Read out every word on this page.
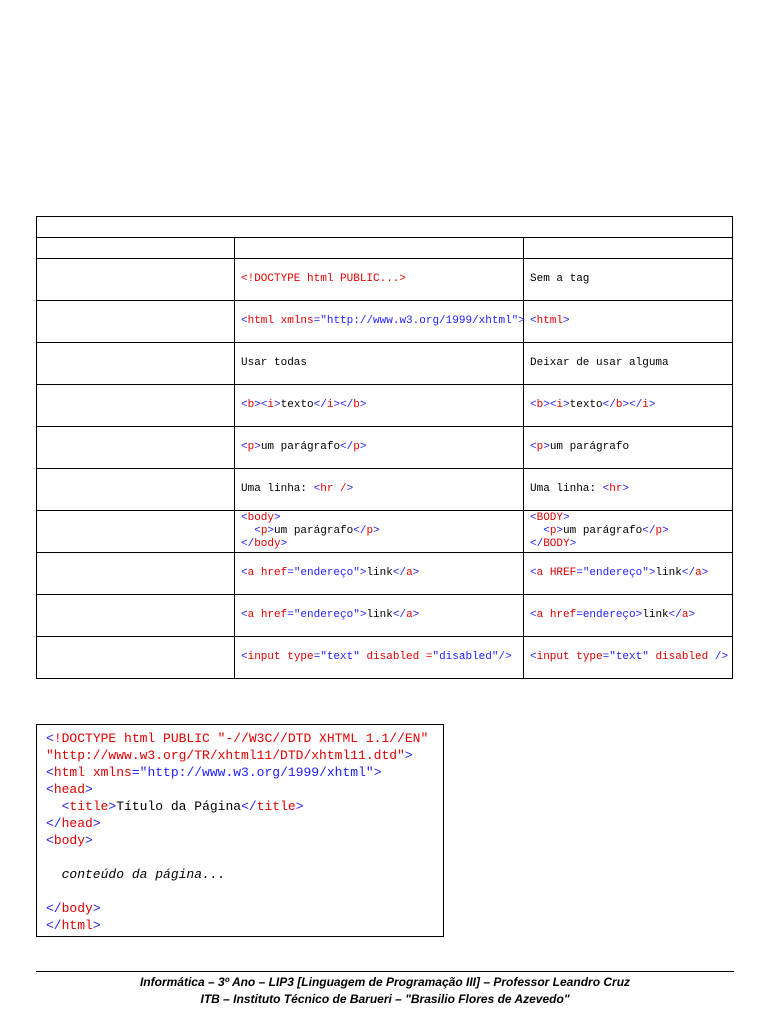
	<!DOCTYPE html PUBLIC...>	Sem a tag
	<html xmlns="http://www.w3.org/1999/xhtml">	<html>
	Usar todas	Deixar de usar alguma
	<b><i>texto</i></b>	<b><i>texto</b></i>
	<p>um parágrafo</p>	<p>um parágrafo
	Uma linha: <hr />	Uma linha: <hr>
	<body>
<p>um parágrafo</p>
</body>	<BODY>
<p>um parágrafo</p>
</BODY>
	<a href="endereço">link</a>	<a HREF="endereço">link</a>
	<a href="endereço">link</a>	<a href=endereço>link</a>
	<input type="text" disabled ="disabled"/>	<input type="text" disabled />
<!DOCTYPE html PUBLIC "-//W3C//DTD XHTML 1.1//EN"
"http://www.w3.org/TR/xhtml11/DTD/xhtml11.dtd">
<html xmlns="http://www.w3.org/1999/xhtml">
<head>
<title>Título da Página</title>
</head>
<body>
conteúdo da página...
</body>
</html>
Informática – 3º Ano – LIP3 [Linguagem de Programação III] – Professor Leandro Cruz
ITB – Instituto Técnico de Barueri – "Brasilio Flores de Azevedo"
